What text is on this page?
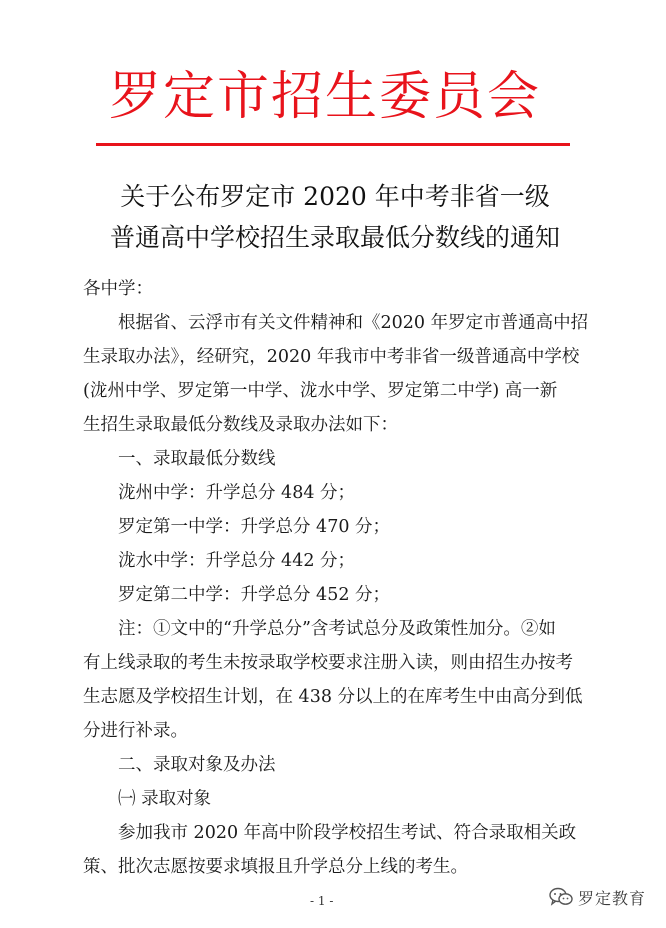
罗定市招生委员会
关于公布罗定市 2020 年中考非省一级
普通高中学校招生录取最低分数线的通知
各中学：
根据省、云浮市有关文件精神和《2020 年罗定市普通高中招
生录取办法》，经研究，2020 年我市中考非省一级普通高中学校
(泷州中学、罗定第一中学、泷水中学、罗定第二中学) 高一新
生招生录取最低分数线及录取办法如下：
一、录取最低分数线
泷州中学：升学总分 484 分；
罗定第一中学：升学总分 470 分；
泷水中学：升学总分 442 分；
罗定第二中学：升学总分 452 分；
注：①文中的“升学总分”含考试总分及政策性加分。②如
有上线录取的考生未按录取学校要求注册入读，则由招生办按考
生志愿及学校招生计划，在 438 分以上的在库考生中由高分到低
分进行补录。
二、录取对象及办法
㈠ 录取对象
参加我市 2020 年高中阶段学校招生考试、符合录取相关政
策、批次志愿按要求填报且升学总分上线的考生。
- 1 -	罗定教育
